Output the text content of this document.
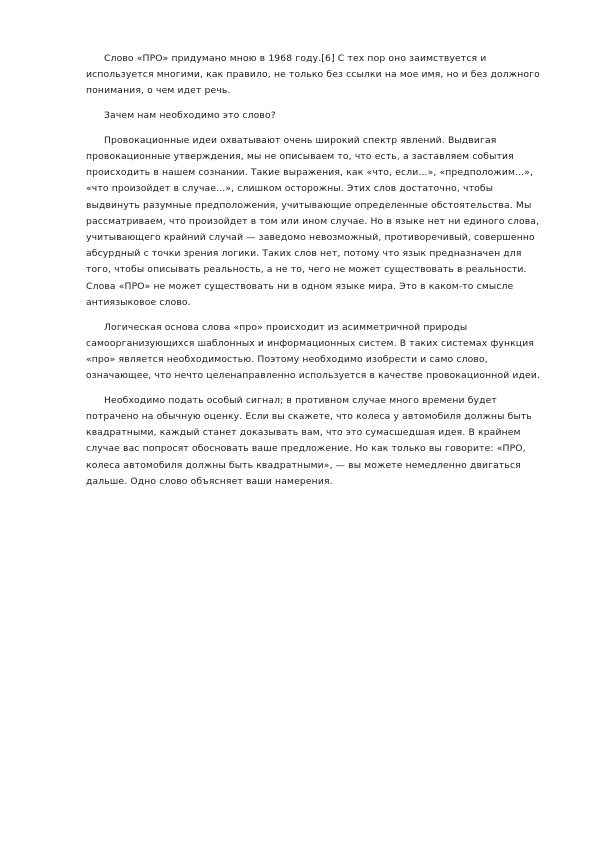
Слово «ПРО» придумано мною в 1968 году.[6] С тех пор оно заимствуется и используется многими, как правило, не только без ссылки на мое имя, но и без должного понимания, о чем идет речь.

Зачем нам необходимо это слово?

Провокационные идеи охватывают очень широкий спектр явлений. Выдвигая провокационные утверждения, мы не описываем то, что есть, а заставляем события происходить в нашем сознании. Такие выражения, как «что, если...», «предположим...», «что произойдет в случае...», слишком осторожны. Этих слов достаточно, чтобы выдвинуть разумные предположения, учитывающие определенные обстоятельства. Мы рассматриваем, что произойдет в том или ином случае. Но в языке нет ни единого слова, учитывающего крайний случай — заведомо невозможный, противоречивый, совершенно абсурдный с точки зрения логики. Таких слов нет, потому что язык предназначен для того, чтобы описывать реальность, а не то, чего не может существовать в реальности. Слова «ПРО» не может существовать ни в одном языке мира. Это в каком-то смысле антиязыковое слово.

Логическая основа слова «про» происходит из асимметричной природы самоорганизующихся шаблонных и информационных систем. В таких системах функция «про» является необходимостью. Поэтому необходимо изобрести и само слово, означающее, что нечто целенаправленно используется в качестве провокационной идеи.

Необходимо подать особый сигнал; в противном случае много времени будет потрачено на обычную оценку. Если вы скажете, что колеса у автомобиля должны быть квадратными, каждый станет доказывать вам, что это сумасшедшая идея. В крайнем случае вас попросят обосновать ваше предложение. Но как только вы говорите: «ПРО, колеса автомобиля должны быть квадратными», — вы можете немедленно двигаться дальше. Одно слово объясняет ваши намерения.
